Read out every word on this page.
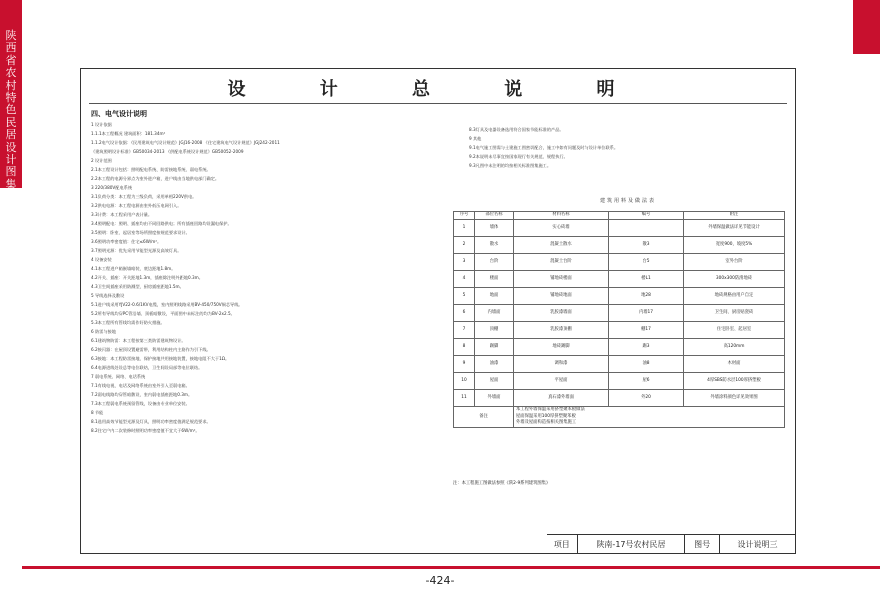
陕西省农村特色民居设计图集
设 计 总 说 明
四、电气设计说明

1 设计依据

1.1.1本工程概况 建筑面积：181.34m²

1.1.2电气设计依据：《民用建筑电气设计规范》JGJ16-2008 《住宅建筑电气设计规范》JGJ242-2011

《建筑照明设计标准》GB50034-2013 《供配电系统设计规范》GB50052-2009

2 设计范围

2.1本工程设计包括：照明配电系统、防雷接地系统、弱电系统。

2.2本工程的电源分界点为室外进户箱，进户线由当地供电部门确定。

3 220/380V配电系统

3.1负荷分类：本工程为三级负荷，采用单相220V供电。

3.2供电电源：本工程电源由室外低压电网引入。

3.3计费：本工程采用户表计量。

3.4照明配电：照明、插座均由不同回路供电；所有插座回路均设漏电保护。

3.5照明：卧室、起居室等场所照度按规范要求设计。

3.6照明功率密度值：住宅≤6W/m²。

3.7照明光源：优先采用节能型光源及高效灯具。

4 设备安装

4.1本工程进户箱嵌墙暗装，底边距地1.8m。

4.2开关、插座：开关距地1.3m，插座除注明外距地0.3m。

4.3卫生间插座采用防溅型，厨房插座距地1.5m。

5 导线选择及敷设

5.1进户线采用YJV22-0.6/1KV电缆，室内照明线路采用BV-450/750V铜芯导线。

5.2所有导线均穿PC管沿墙、顶板暗敷设，平面图中未标注的均为BV-2x2.5。

5.3本工程所有管线均需作好防火措施。

6 防雷与接地

6.1建筑物防雷：本工程按第三类防雷建筑物设计。

6.2接闪器：在屋顶设置避雷带，利用结构柱内主筋作为引下线。

6.3接地：本工程防雷接地、保护接地共用接地装置，接地电阻不大于1Ω。

6.4电源进线处设总等电位联结，卫生间设局部等电位联结。

7 弱电系统、网络、电话系统

7.1有线电视、电话及网络系统由室外引入至弱电箱。

7.2弱电线路均穿管暗敷设，室内弱电插座距地0.3m。

7.3本工程弱电系统预留管线，设备由专业单位安装。

8 节能

8.1选用高效节能型光源及灯具，照明功率密度值满足规范要求。

8.2住宅户内二次装修时照明功率密度值不宜大于6W/m²。

8.3灯具及电器设备选用符合国家节能标准的产品。

9 其他

9.1电气施工图需与土建施工图密切配合，施工中如有问题及时与设计单位联系。

9.2本说明未尽事宜按国家现行有关规范、规程执行。

9.3凡图中未注明的均按相关标准图集施工。

建筑用料及做法表
序号	部位名称	材料名称	编号	附注
1	墙体	实心砖墙		外墙保温做法详见节能设计
2	散水	混凝土散水	散3	宽度900，坡度5%
3	台阶	混凝土台阶	台5	室外台阶
4	楼面	铺地砖楼面	楼L1	300x300防滑地砖
5	地面	铺地砖地面	地28	地砖规格由用户自定
6	内墙面	乳胶漆墙面	内墙17	卫生间、厨房贴瓷砖
7	顶棚	乳胶漆顶棚	棚17	住宅卧室、起居室
8	踢脚	地砖踢脚	踢3	高120mm
9	油漆	调和漆	油8	木材面
10	屋面	平屋面	屋6	4厚SBS防水层100厚挤塑板
11	外墙面	真石漆外墙面	外20	外墙涂料颜色详见效果图
备注		本工程外墙保温采用挤塑聚苯板做法
屋面保温采用100厚挤塑聚苯板
外墙及屋面构造按相关图集施工		
注：本工程施工图做法参照《陕2-9系列建筑图集》
项目	陕南-17号农村民居	图号	设计说明三
-424-
